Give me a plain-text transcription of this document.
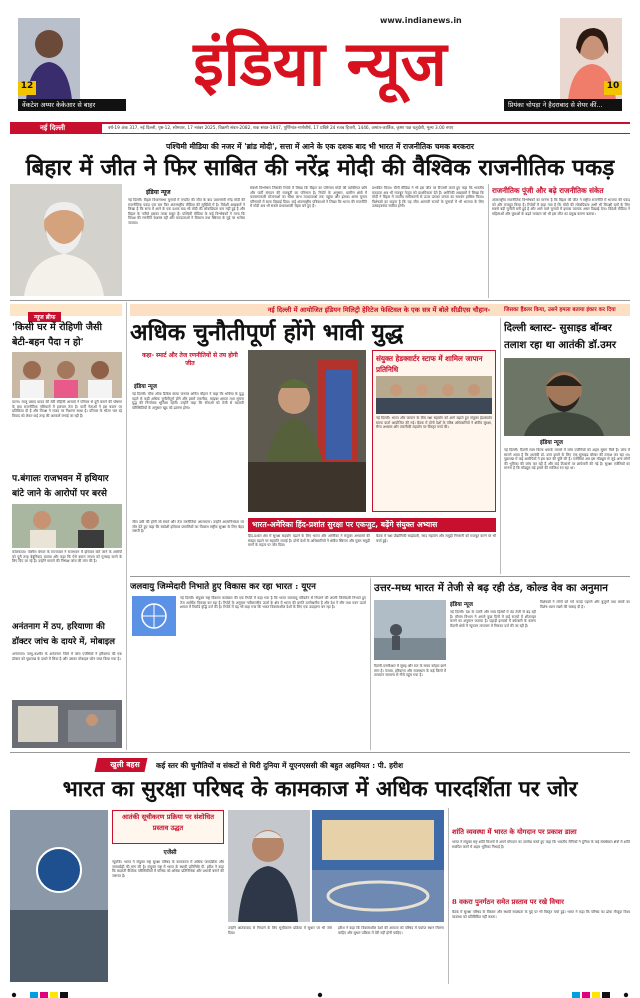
12
वेंकटेश अय्यर केकेआर से बाहर
www.indianews.in
इंडिया न्यूज	10
प्रियंका चोपड़ा ने हैदराबाद से शेयर कीं...
नई दिल्ली	वर्ष-19 अंक 317, नई दिल्ली, पृष्ठ-12, सोमवार, 17 नवंबर 2025, विक्रमी संवत-2082, शक संवत-1947, पूर्णिमांत-मार्गशीर्ष, 17 प्रविष्टे 24 रजब हिजरी, 1446, अमांत-कार्तिक, कृष्ण पक्ष चतुर्दशी, मूल्य 3.00 रुपए
पश्चिमी मीडिया की नजर में 'ब्रांड मोदी', सत्ता में आने के एक दशक बाद भी भारत में राजनीतिक चमक बरकरार
बिहार में जीत ने फिर साबित की नरेंद्र मोदी की वैश्विक राजनीतिक पकड़
इंडिया न्यूज
नई दिल्ली। बिहार विधानसभा चुनावों में एनडीए की जीत के बाद प्रधानमंत्री नरेंद्र मोदी की राजनीतिक पकड़ एक बार फिर अंतरराष्ट्रीय मीडिया की सुर्खियों में है। विदेशी अखबारों ने लिखा है कि सत्ता में आने के एक दशक बाद भी मोदी की लोकप्रियता कम नहीं हुई है और बिहार के नतीजे इसका ताजा सबूत हैं। पश्चिमी मीडिया के कई विश्लेषकों ने माना कि विपक्ष की रणनीति बेअसर रही और मतदाताओं ने विकास तथा स्थिरता के मुद्दे पर भरोसा जताया।
संबंधी विश्लेषण जिसकी रिपोर्ट में लिखा कि बिहार का परिणाम मोदी की व्यक्तिगत छवि और पार्टी संगठन की मजबूती का परिणाम है। रिपोर्ट के अनुसार, ग्रामीण क्षेत्रों में कल्याणकारी योजनाओं का सीधा लाभ मतदाताओं तक पहुंचा और इसका असर चुनाव परिणामों में साफ दिखाई दिया। कई अंतरराष्ट्रीय पत्रिकाओं ने लिखा कि भारत की राजनीति में मोदी अब भी सबसे प्रभावशाली चेहरा बने हुए हैं।
प्रभावित किया। चीनी मीडिया ने भी इस जीत पर टिप्पणी करते हुए कहा कि भारतीय मतदाता अब भी मजबूत नेतृत्व को प्राथमिकता देते हैं। अमेरिकी अखबारों ने लिखा कि मोदी ने बिहार में जातीय समीकरणों से ऊपर उठकर जनता का समर्थन हासिल किया। विशेषज्ञों का कहना है कि यह जीत आगामी राज्यों के चुनावों में भी भाजपा के लिए उत्साहवर्धक साबित होगी।
राजनीतिक पूंजी और बढ़े राजनीतिक संकेत
अंतरराष्ट्रीय राजनीतिक विश्लेषकों का मानना है कि बिहार की जीत ने राष्ट्रीय राजनीति में भाजपा की पकड़ को और मजबूत किया है। रिपोर्टों में कहा गया है कि मोदी की लोकप्रियता अभी भी विपक्षी दलों के लिए सबसे बड़ी चुनौती बनी हुई है और आने वाले चुनावों में इसका व्यापक असर दिखाई देगा। विदेशी मीडिया ने महिलाओं और युवाओं के बढ़ते मतदान को भी इस जीत का प्रमुख कारण बताया।
न्यूज ब्रीफ
'किसी घर में रोहिणी जैसी बेटी-बहन पैदा न हो'
पटना। लालू प्रसाद यादव की बेटी रोहिणी आचार्य ने परिवार से दूरी बनाने की घोषणा के बाद राजनीतिक गलियारों में हलचल तेज है। पार्टी नेताओं ने इस बयान पर प्रतिक्रिया दी है और विपक्ष ने राजद पर निशाना साधा है। परिवार के भीतर चल रहे विवाद को लेकर कई तरह की अटकलें लगाई जा रही हैं।
प.बंगालः राजभवन में हथियार बांटे जाने के आरोपों पर बरसे
कोलकाता। पश्चिम बंगाल के राज्यपाल ने राजभवन में हथियार बांटे जाने के आरोपों को पूरी तरह बेबुनियाद बताया और कहा कि ऐसे बयान जनता को गुमराह करने के लिए दिए जा रहे हैं। उन्होंने मामले की निष्पक्ष जांच की मांग की है।
अनंतनाग में ठप, हरियाणा की डॉक्टर जांच के दायरे में, मोबाइल
अनंतनाग। जम्मू-कश्मीर के अनंतनाग जिले में जांच एजेंसियों ने हरियाणा की एक डॉक्टर को पूछताछ के दायरे में लिया है और उसका मोबाइल फोन जब्त किया गया है।
नई दिल्ली में आयोजित इंडियन मिलिट्री हेरिटेज फेस्टिवल के एक सत्र में बोले सीडीएस चौहान-
अधिक चुनौतीपूर्ण होंगे भावी युद्ध
कहा- स्मार्ट और तेज रणनीतियों से तय होगी जीत
इंडिया न्यूज
नई दिल्ली। चीफ ऑफ डिफेंस स्टाफ जनरल अनिल चौहान ने कहा कि भविष्य के युद्ध पहले से कहीं अधिक चुनौतीपूर्ण होंगे और इसमें तकनीक, साइबर क्षमता तथा सूचना युद्ध की निर्णायक भूमिका रहेगी। उन्होंने कहा कि सेनाओं को तेजी से बदलती परिस्थितियों के अनुसार खुद को ढालना होगा।
जीत उसी की होगी जो स्मार्ट और तेज रणनीतियां अपनाएगा। उन्होंने आत्मनिर्भरता पर जोर देते हुए कहा कि स्वदेशी हथियार प्रणालियों का विकास राष्ट्रीय सुरक्षा के लिए बेहद जरूरी है।
भारत-अमेरिका हिंद-प्रशांत सुरक्षा पर एकजुट, बढ़ेंगे संयुक्त अभ्यास
हिंद-प्रशांत क्षेत्र में सुरक्षा सहयोग बढ़ाने के लिए भारत और अमेरिका ने संयुक्त अभ्यासों की संख्या बढ़ाने पर सहमति जताई है। दोनों देशों के अधिकारियों ने क्षेत्रीय स्थिरता और मुक्त समुद्री मार्गों के महत्व पर जोर दिया।
बैठक में रक्षा प्रौद्योगिकी साझेदारी, रसद सहयोग और समुद्री निगरानी को मजबूत करने पर भी चर्चा हुई।
संयुक्त हेडक्वार्टर स्टाफ में शामिल जापान प्रतिनिधि
नई दिल्ली। भारत और जापान के बीच रक्षा सहयोग को आगे बढ़ाते हुए संयुक्त हेडक्वार्टर स्टाफ वार्ता आयोजित की गई। बैठक में दोनों देशों के वरिष्ठ अधिकारियों ने क्षेत्रीय सुरक्षा, सैन्य अभ्यास और तकनीकी सहयोग पर विस्तृत चर्चा की।
जिसका हैंडलर किया, उसने हमला बताया इंकार कर दिया
दिल्ली ब्लास्ट- सुसाइड बॉम्बर तलाश रहा था आतंकी डॉ.उमर
इंडिया न्यूज
नई दिल्ली। दिल्ली लाल किला धमाके मामले में जांच एजेंसियों को अहम सुराग मिले हैं। जांच में सामने आया है कि आतंकी डॉ. उमर हमले के लिए एक सुसाइड बॉम्बर की तलाश कर रहा था। पूछताछ में कई आरोपियों ने इस बात की पुष्टि की है। एजेंसियां अब इस मॉड्यूल से जुड़े अन्य लोगों की भूमिका की जांच कर रही हैं और कई ठिकानों पर छापेमारी की गई है। सुरक्षा एजेंसियों का मानना है कि मॉड्यूल बड़े हमले की साजिश रच रहा था।
जलवायु जिम्मेदारी निभाते हुए विकास कर रहा भारत : यूएन
नई दिल्ली। संयुक्त राष्ट्र विकास कार्यक्रम की एक रिपोर्ट में कहा गया है कि भारत जलवायु परिवर्तन से निपटने की अपनी जिम्मेदारी निभाते हुए तेज आर्थिक विकास कर रहा है। रिपोर्ट के अनुसार नवीकरणीय ऊर्जा के क्षेत्र में भारत की प्रगति उल्लेखनीय है और देश ने सौर तथा पवन ऊर्जा क्षमता में रिकॉर्ड वृद्धि दर्ज की है। रिपोर्ट में यह भी कहा गया कि भारत विकासशील देशों के लिए एक उदाहरण बन रहा है।
उत्तर-मध्य भारत में तेजी से बढ़ रही ठंड, कोल्ड वेव का अनुमान
इंडिया न्यूज
नई दिल्ली। देश के उत्तरी और मध्य हिस्सों में ठंड तेजी से बढ़ रही है। मौसम विभाग ने अगले कुछ दिनों में कई राज्यों में शीतलहर चलने का अनुमान जताया है। पहाड़ी इलाकों में बर्फबारी के कारण मैदानी क्षेत्रों में न्यूनतम तापमान में गिरावट दर्ज की जा रही है।
दिल्ली-एनसीआर में सुबह और रात के समय कोहरा छाने लगा है। पंजाब, हरियाणा और राजस्थान के कई जिलों में तापमान सामान्य से नीचे पहुंच गया है।
विशेषज्ञों ने लोगों को गर्म कपड़े पहनने और बुजुर्गों तथा बच्चों का विशेष ध्यान रखने की सलाह दी है।
खुली बहस	कई स्तर की चुनौतियों व संकटों से घिरी दुनिया में यूएनएससी की बहुत अहमियत : पी. हरीश
भारत का सुरक्षा परिषद के कामकाज में अधिक पारदर्शिता पर जोर
आतंकी सूचीकरण प्रक्रिया पर संशोधित प्रस्ताव उद्धत
एजेंसी
न्यूयॉर्क। भारत ने संयुक्त राष्ट्र सुरक्षा परिषद के कामकाज में अधिक पारदर्शिता और जवाबदेही की मांग की है। संयुक्त राष्ट्र में भारत के स्थायी प्रतिनिधि पी. हरीश ने कहा कि बदलती वैश्विक परिस्थितियों में परिषद को अधिक प्रतिनिधिक और प्रभावी बनाने की जरूरत है।
उन्होंने आतंकवाद से निपटने के लिए सूचीकरण प्रक्रिया में सुधार पर भी जोर दिया।
हरीश ने कहा कि विकासशील देशों की आवाज को परिषद में पर्याप्त स्थान मिलना चाहिए और सुधार प्रक्रिया में देरी नहीं होनी चाहिए।
शांति व्यवस्था में भारत के योगदान पर प्रकाश डाला
भारत ने संयुक्त राष्ट्र शांति मिशनों में अपने योगदान का उल्लेख करते हुए कहा कि भारतीय सैनिकों ने दुनिया के कई संघर्षग्रस्त क्षेत्रों में शांति स्थापित करने में अहम भूमिका निभाई है।
8 वकरा पुनर्गठन समेत प्रस्ताव पर रखे विचार
बैठक में सुरक्षा परिषद के विस्तार और स्थायी सदस्यता के मुद्दे पर भी विस्तृत चर्चा हुई। भारत ने कहा कि परिषद का ढांचा मौजूदा विश्व व्यवस्था को प्रतिबिंबित नहीं करता।
